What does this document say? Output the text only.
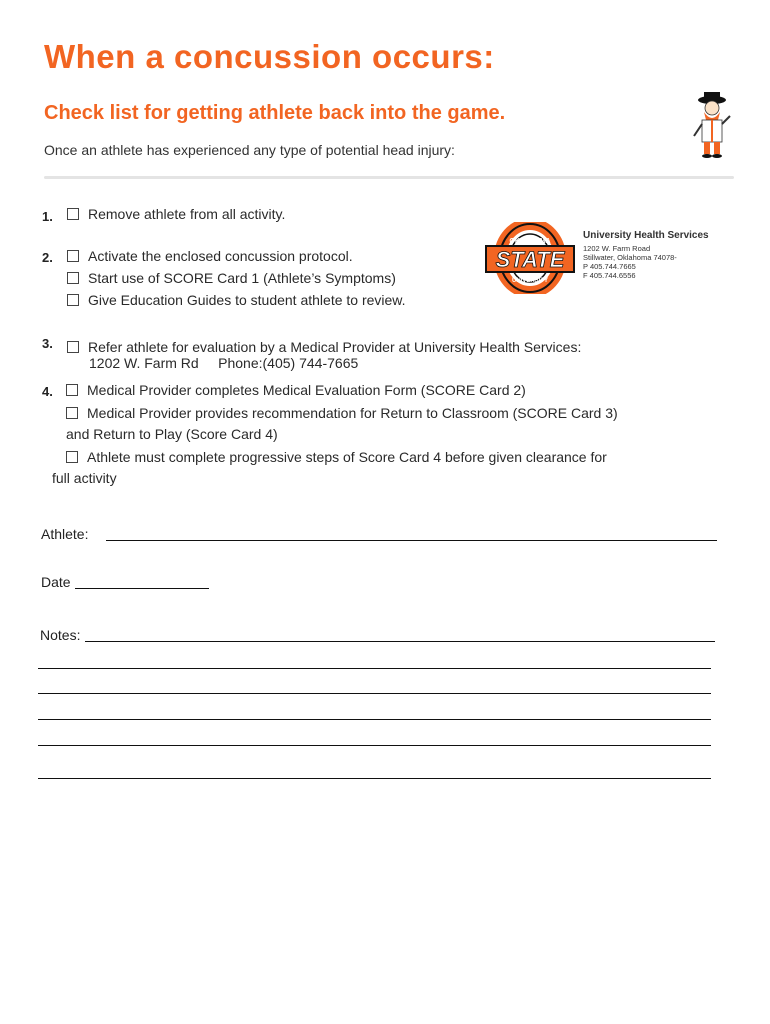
When a concussion occurs:
Check list for getting athlete back into the game.
Once an athlete has experienced any type of potential head injury:
OKLAHOMA
STATE
UNIVERSITY
University Health Services
1202 W. Farm Road
Stillwater, Oklahoma 74078-
P 405.744.7665
F 405.744.6556
1.	Remove athlete from all activity.
2.	Activate the enclosed concussion protocol.
Start use of SCORE Card 1 (Athlete’s Symptoms)
Give Education Guides to student athlete to review.
3.	Refer athlete for evaluation by a Medical Provider at University Health Services:
1202 W. Farm Rd     Phone:(405) 744-7665
4.	Medical Provider completes Medical Evaluation Form (SCORE Card 2)
Medical Provider provides recommendation for Return to Classroom (SCORE Card 3)
and Return to Play (Score Card 4)
Athlete must complete progressive steps of Score Card 4 before given clearance for
full activity
Athlete:
Date
Notes:
